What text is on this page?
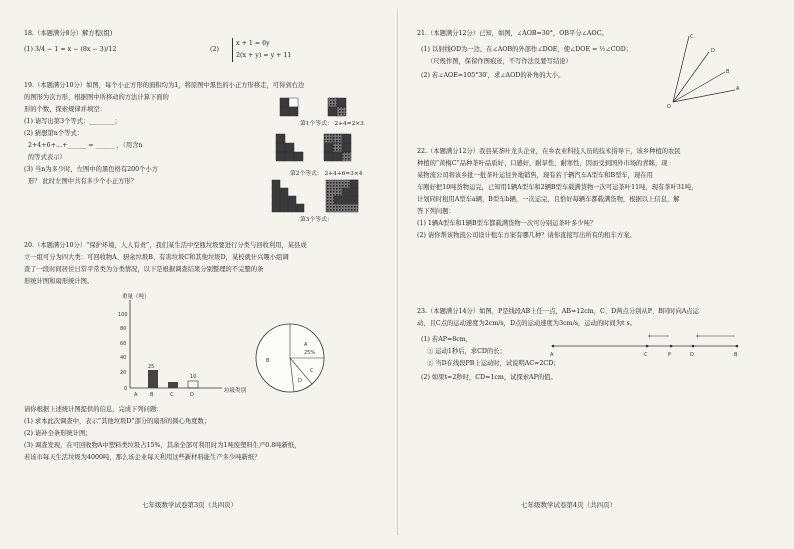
18.（本题满分8分）解方程(组)
(1) 3/4 − 1 = x − (8x − 3)/12	(2)
x + 1 = 6y
2(x + y) = y + 11
19.（本题满分10分）如图，每个小正方形的面积均为1，将原图中黑色的小正方形移走，可得到右边
的图形为次方形，根据图中所移动的方法计算下面的
形的个数，探索规律并填空：
(1) 请写出第3个等式：________；
(2) 猜想第n个等式：
2+4+6+…+______ = ______ ，（用含n
的等式表示）
(3) 当n为多少时，左图中的黑色格有200个小方
形？ 此时左图中共有多少个小正方形？
第1个等式： 2+4=2×3
第2个等式： 2+4+6=3×4
第3个等式：
20.（本题满分10分）“保护环境，人人有责”，我们某生活中空瓶垃圾要进行分类与回收利用，某县成
立一组可分为四大类：可回收物A、厨余垃圾B、有害垃圾C和其他垃圾D，某校就什兴趣小组调
查了一段时间居住日常平常类为分类情况，以下是根据调查结果分别整理的不完整的条
形统计图和扇形统计图。
100
80
60
40
20
0
A	B	C	D
25
10
重量（吨）
垃圾类别
B
A
25%
C
D
请你根据上述统计图提供的信息，完成下列问题：
(1) 求本此次调查中，表示“其他垃圾D”部分的扇形的圆心角度数；
(2) 请补全条形统计图；
(3) 调查发现，在可回收物A中塑料类垃圾占15%，其余全部可利用时为1吨废塑料生产0.8吨新纸，
若该市每天生活垃圾为4000吨，那么该企业每天利用这些新材料能生产多少吨新纸？
七年级数学试卷第3页（共四页）
21.（本题满分12分）已知，如图，∠AOB=30°，OB平分∠AOC。
(1) 以射线OD为一边，在∠AOB的外部作∠DOE，使∠DOE = ½∠COD；
（尺规作图，保留作图痕迹，不写作法及要写结论）
(2) 若∠AOE=105°30′，求∠AOD的补角的大小。
C
D
B
A
O
22.（本题满分12分）我县某茶叶龙头企业，在乡农业科技人员的技术指导下，该乡种植的农民
种植的“黄梅C”品种茶叶品质好、口感好，耐旱性、耐寒性，因而受到国外市场的青睐，现
某物流公司将该乡批一批茶叶运往外地销售，现有若干辆汽车A型车和B型车，现在用
车刚好把10吨货物运完，已知用1辆A型车和2辆B型车载满货物一次可运茶叶11吨，现有茶叶31吨，
计划同时租用A型车a辆，B型车b辆，一次运完，且恰好每辆车都载满货物，根据以上信息，解
答下列问题：
(1) 1辆A型车和1辆B型车都载满货物一次可分别运茶叶多少吨？
(2) 请你帮该物流公司设计租车方案有哪几种？请你直接写出所有的租车方案。
23.（本题满分14分）如图，P是线段AB上任一点，AB=12cm，C、D两点分别从P、B同时向A点运
动，且C点的运动速度为2cm/s，D点的运动速度为3cm/s，运动的时间为t s。
(1) 若AP=8cm，
① 运动1秒后，求CD的长；
② 当D在线段PB上运动时，试说明AC=2CD；
(2) 如果t=2秒时，CD=1cm，试探索AP的值。
A	C	P	D	B
七年级数学试卷第4页（共四页）
